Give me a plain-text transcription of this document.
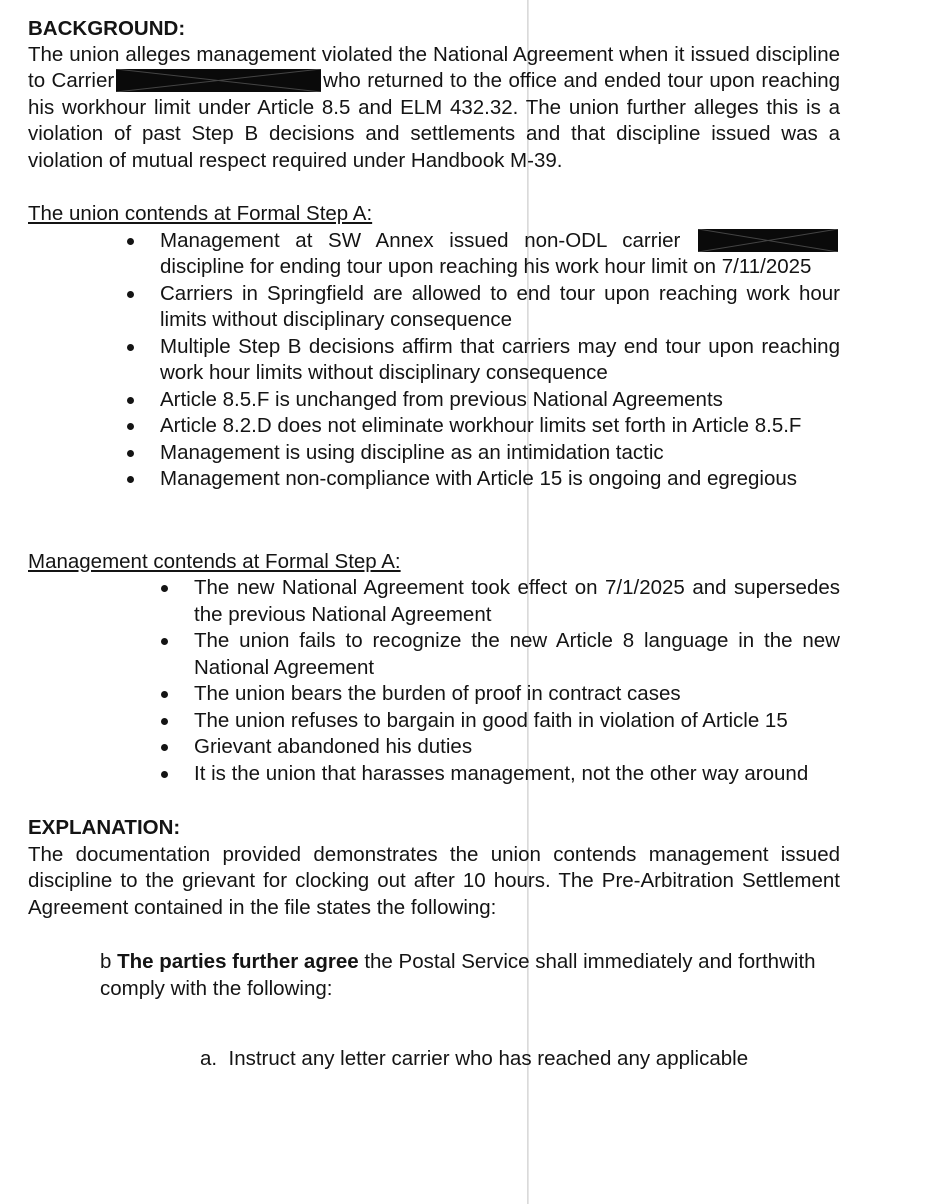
BACKGROUND:

The union alleges management violated the National Agreement when it issued discipline to Carrier	who returned to the office and ended tour upon reaching his workhour limit under Article 8.5 and ELM 432.32. The union further alleges this is a violation of past Step B decisions and settlements and that discipline issued was a violation of mutual respect required under Handbook M-39.

The union contends at Formal Step A:

Management at SW Annex issued non-ODL carrier
discipline for ending tour upon reaching his work hour limit on 7/11/2025
Carriers in Springfield are allowed to end tour upon reaching work hour limits without disciplinary consequence
Multiple Step B decisions affirm that carriers may end tour upon reaching work hour limits without disciplinary consequence
Article 8.5.F is unchanged from previous National Agreements
Article 8.2.D does not eliminate workhour limits set forth in Article 8.5.F
Management is using discipline as an intimidation tactic
Management non-compliance with Article 15 is ongoing and egregious

Management contends at Formal Step A:

The new National Agreement took effect on 7/1/2025 and supersedes the previous National Agreement
The union fails to recognize the new Article 8 language in the new National Agreement
The union bears the burden of proof in contract cases
The union refuses to bargain in good faith in violation of Article 15
Grievant abandoned his duties
It is the union that harasses management, not the other way around

EXPLANATION:

The documentation provided demonstrates the union contends management issued discipline to the grievant for clocking out after 10 hours. The Pre-Arbitration Settlement Agreement contained in the file states the following:

b The parties further agree the Postal Service shall immediately and forthwith comply with the following:

a. Instruct any letter carrier who has reached any applicable
